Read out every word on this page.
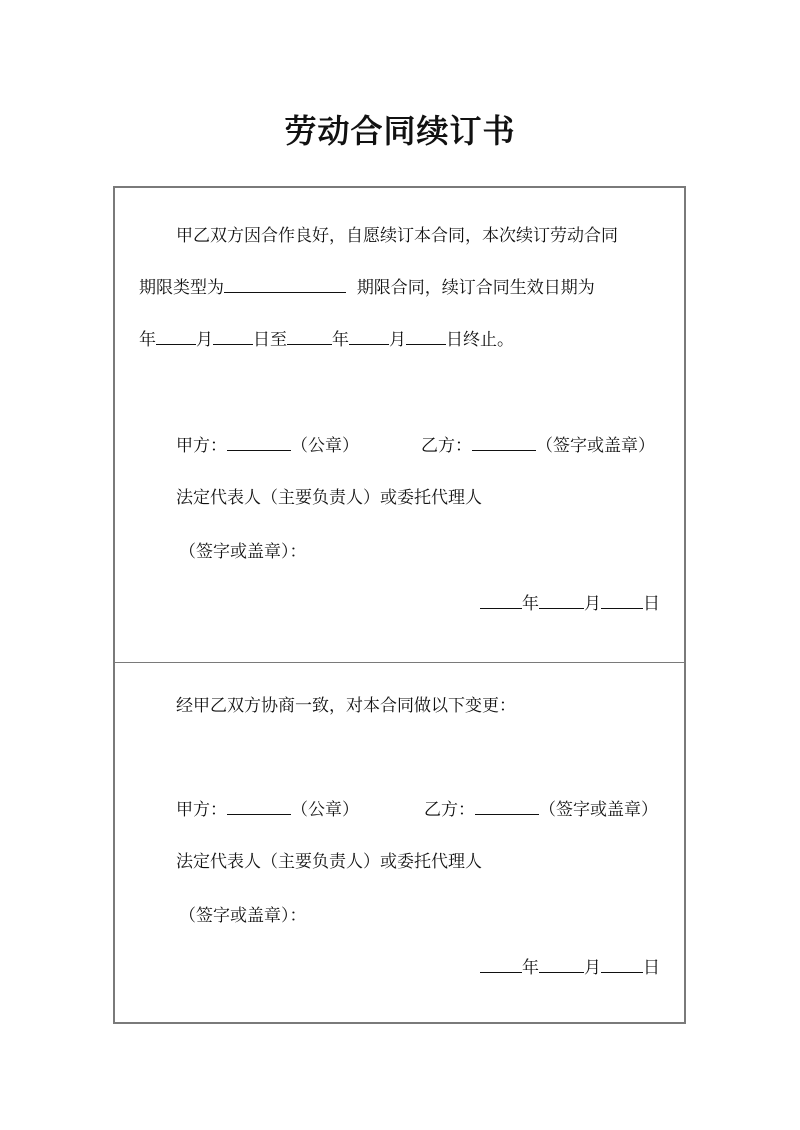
劳动合同续订书
甲乙双方因合作良好，自愿续订本合同，本次续订劳动合同
期限类型为	期限合同，续订合同生效日期为
年 月 日至	年 月 日终止。
甲方：	（公章）	乙方：	（签字或盖章）
法定代表人（主要负责人）或委托代理人
（签字或盖章）：
年	月 日
经甲乙双方协商一致，对本合同做以下变更：
甲方：	（公章）	乙方：	（签字或盖章）
法定代表人（主要负责人）或委托代理人
（签字或盖章）：
年	月 日
